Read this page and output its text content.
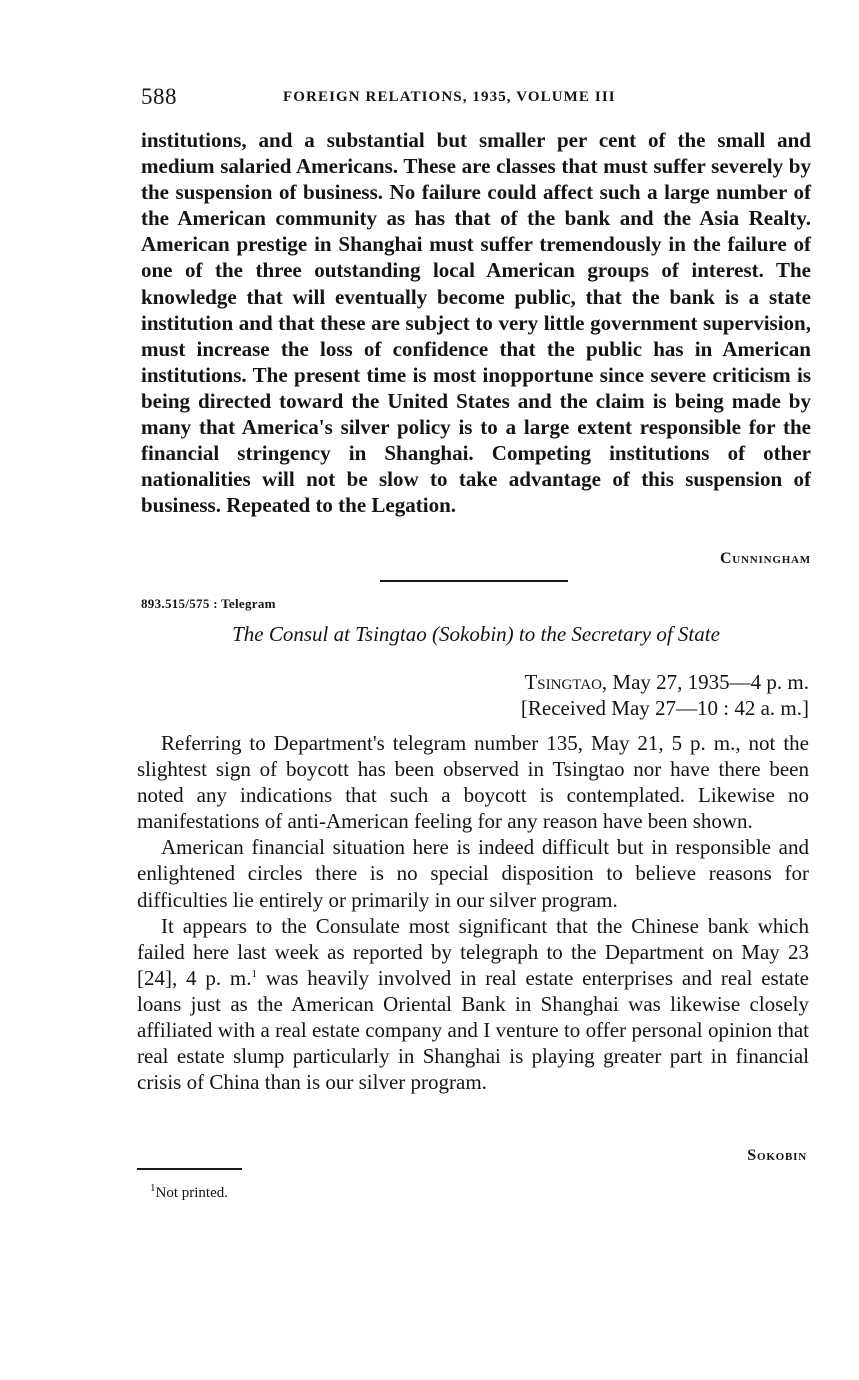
588	FOREIGN RELATIONS, 1935, VOLUME III
institutions, and a substantial but smaller per cent of the small and medium salaried Americans. These are classes that must suffer severely by the suspension of business. No failure could affect such a large number of the American community as has that of the bank and the Asia Realty. American prestige in Shanghai must suffer tremendously in the failure of one of the three outstanding local American groups of interest. The knowledge that will eventually become public, that the bank is a state institution and that these are subject to very little government supervision, must increase the loss of confidence that the public has in American institutions. The present time is most inopportune since severe criticism is being directed toward the United States and the claim is being made by many that America's silver policy is to a large extent responsible for the financial stringency in Shanghai. Competing institutions of other nationalities will not be slow to take advantage of this suspension of business. Repeated to the Legation.
Cunningham
893.515/575 : Telegram
The Consul at Tsingtao (Sokobin) to the Secretary of State
Tsingtao, May 27, 1935—4 p. m.
[Received May 27—10 : 42 a. m.]

Referring to Department's telegram number 135, May 21, 5 p. m., not the slightest sign of boycott has been observed in Tsingtao nor have there been noted any indications that such a boycott is contemplated. Likewise no manifestations of anti-American feeling for any reason have been shown.

American financial situation here is indeed difficult but in responsible and enlightened circles there is no special disposition to believe reasons for difficulties lie entirely or primarily in our silver program.

It appears to the Consulate most significant that the Chinese bank which failed here last week as reported by telegraph to the Department on May 23 [24], 4 p. m.$^1$ was heavily involved in real estate enterprises and real estate loans just as the American Oriental Bank in Shanghai was likewise closely affiliated with a real estate company and I venture to offer personal opinion that real estate slump particularly in Shanghai is playing greater part in financial crisis of China than is our silver program.

Sokobin
$^1$Not printed.
